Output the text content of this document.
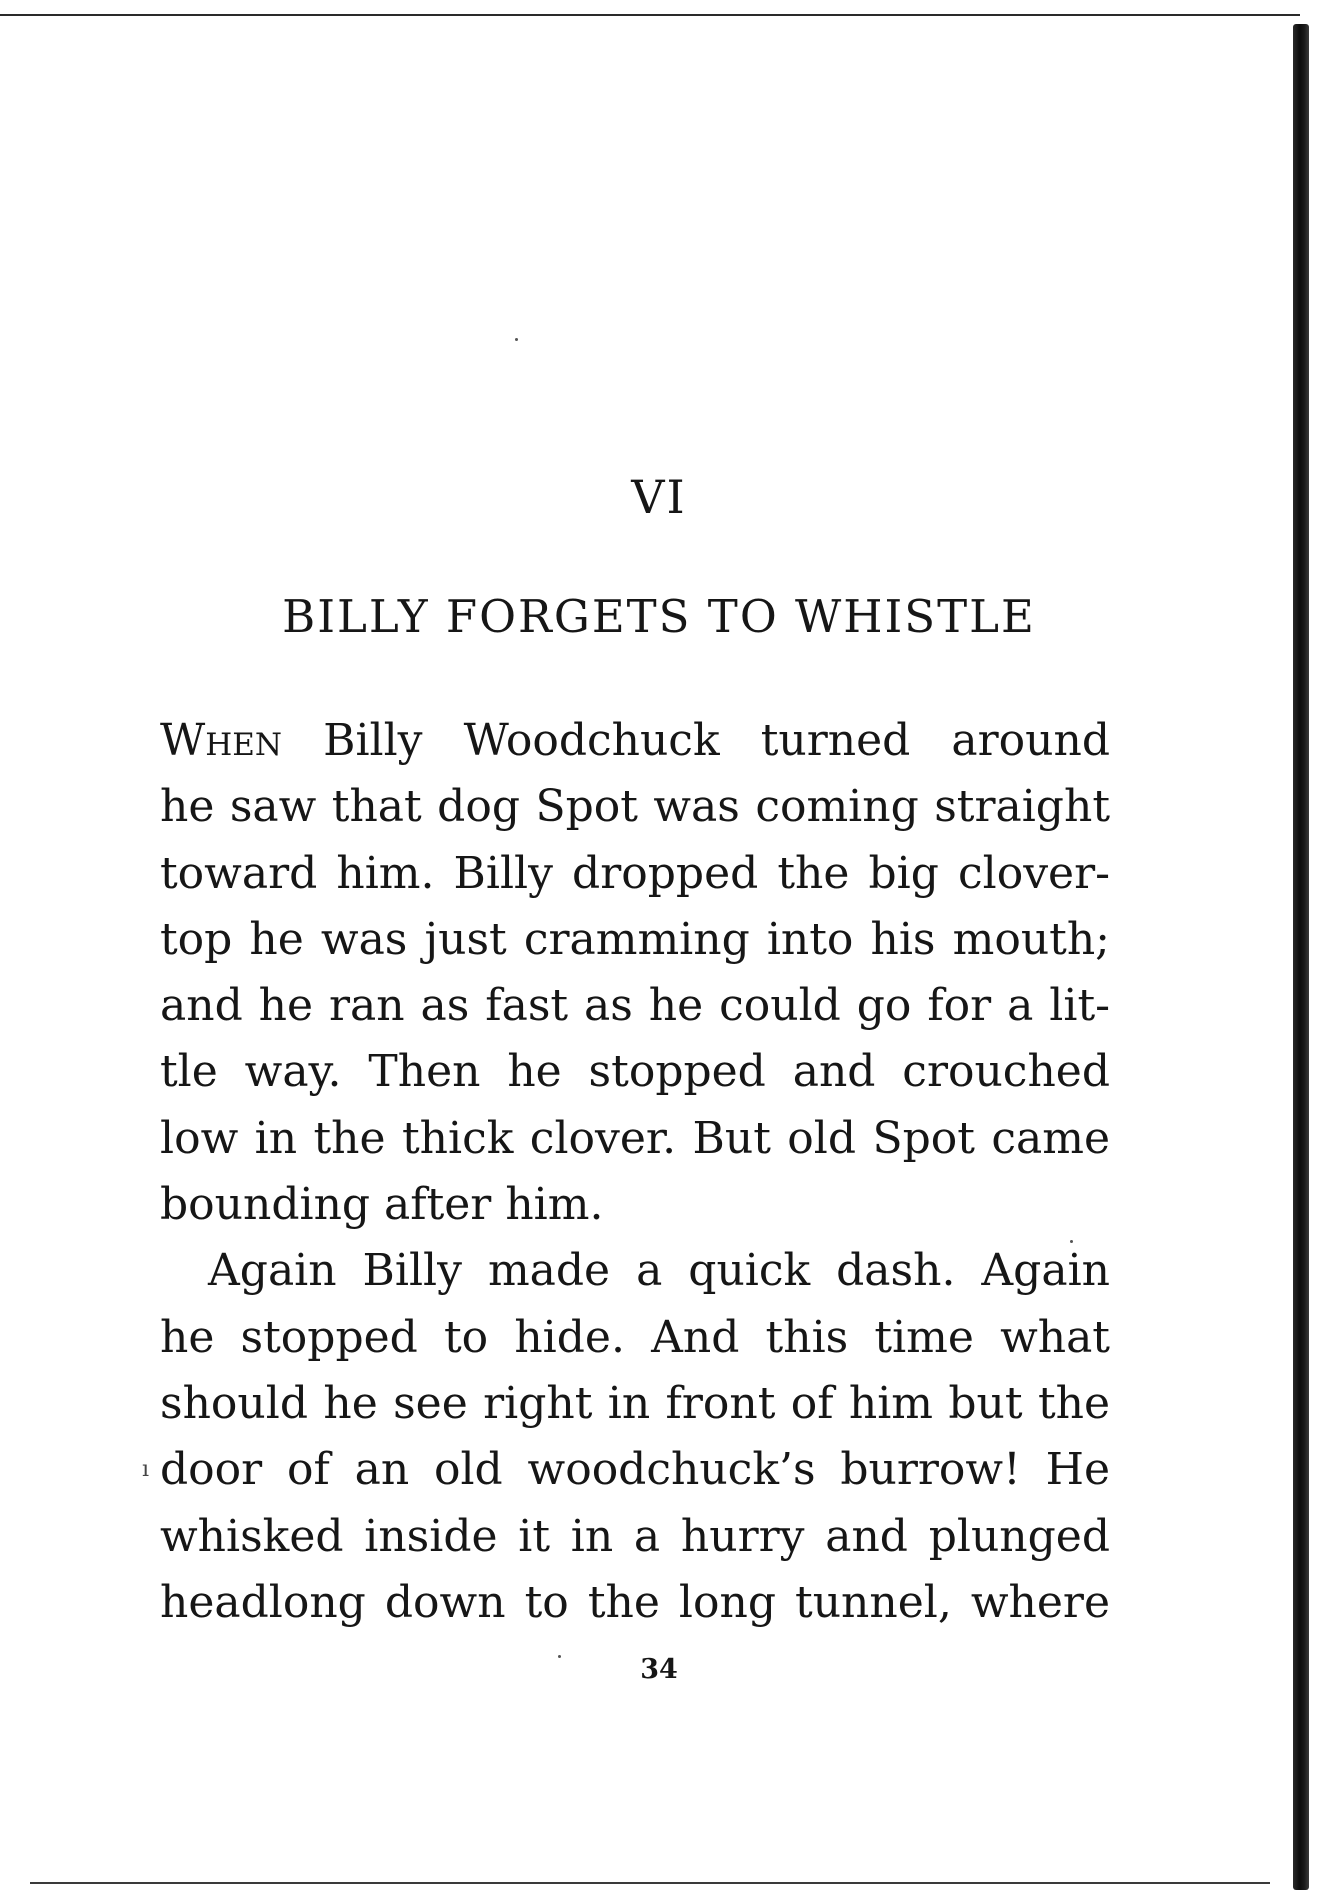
VI
BILLY FORGETS TO WHISTLE
When Billy Woodchuck turned around
he saw that dog Spot was coming straight
toward him. Billy dropped the big clover-
top he was just cramming into his mouth;
and he ran as fast as he could go for a lit-
tle way. Then he stopped and crouched
low in the thick clover. But old Spot came
bounding after him.
Again Billy made a quick dash. Again
he stopped to hide. And this time what
should he see right in front of him but the
door of an old woodchuck’s burrow! He
whisked inside it in a hurry and plunged
headlong down to the long tunnel, where
ı
34
